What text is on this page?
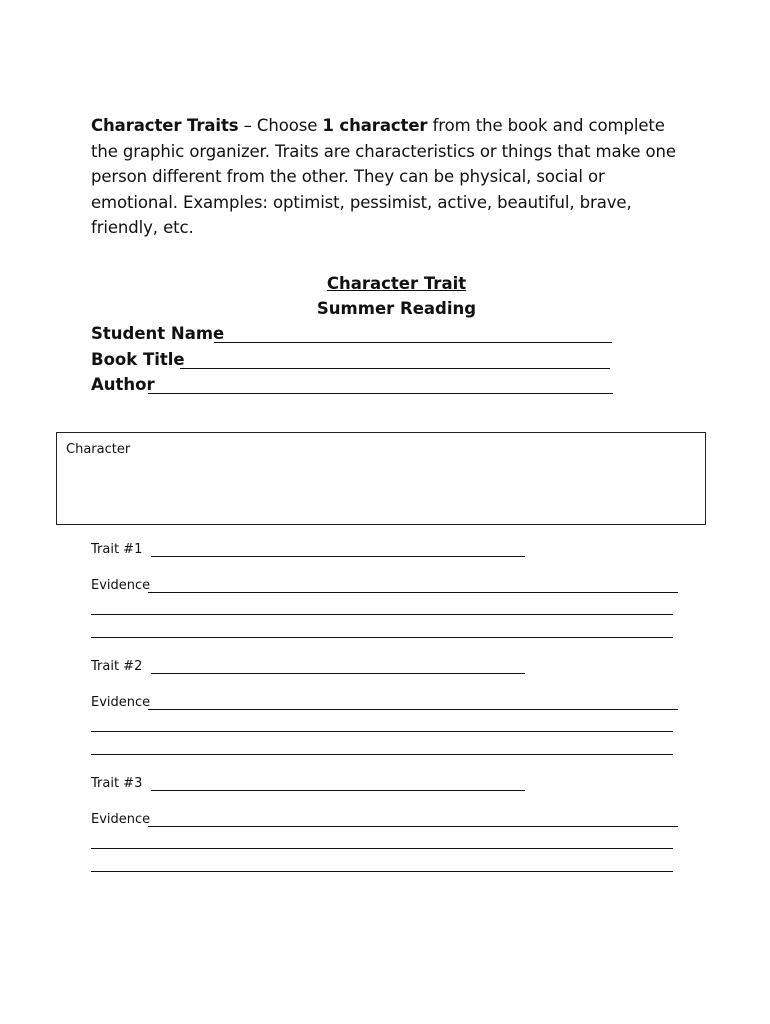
Character Traits – Choose 1 character from the book and complete the graphic organizer. Traits are characteristics or things that make one person different from the other. They can be physical, social or emotional. Examples: optimist, pessimist, active, beautiful, brave, friendly, etc.
Character Trait
Summer Reading
Student Name
Book Title
Author
Character
Trait #1
Evidence
Trait #2
Evidence
Trait #3
Evidence
